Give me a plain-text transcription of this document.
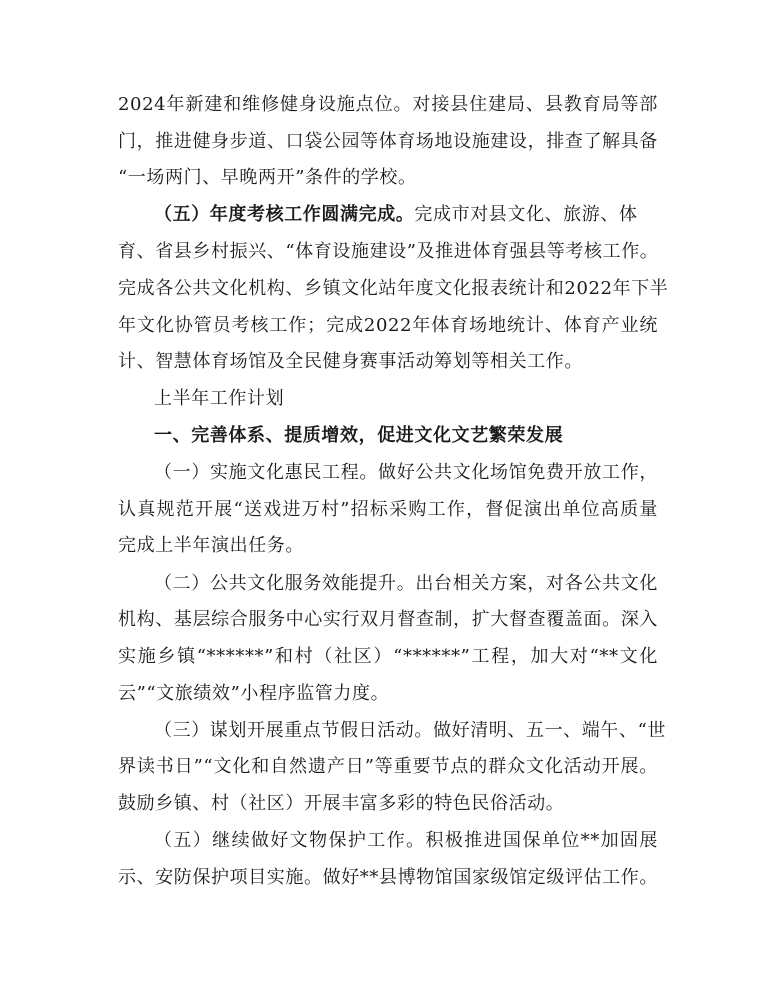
2024年新建和维修健身设施点位。对接县住建局、县教育局等部
门，推进健身步道、口袋公园等体育场地设施建设，排查了解具备
“一场两门、早晚两开”条件的学校。
（五）年度考核工作圆满完成。完成市对县文化、旅游、体
育、省县乡村振兴、“体育设施建设”及推进体育强县等考核工作。
完成各公共文化机构、乡镇文化站年度文化报表统计和2022年下半
年文化协管员考核工作；完成2022年体育场地统计、体育产业统
计、智慧体育场馆及全民健身赛事活动筹划等相关工作。
上半年工作计划
一、完善体系、提质增效，促进文化文艺繁荣发展
（一）实施文化惠民工程。做好公共文化场馆免费开放工作，
认真规范开展“送戏进万村”招标采购工作，督促演出单位高质量
完成上半年演出任务。
（二）公共文化服务效能提升。出台相关方案，对各公共文化
机构、基层综合服务中心实行双月督查制，扩大督查覆盖面。深入
实施乡镇“******”和村（社区）“******”工程，加大对“**文化
云”“文旅绩效”小程序监管力度。
（三）谋划开展重点节假日活动。做好清明、五一、端午、“世
界读书日”“文化和自然遗产日”等重要节点的群众文化活动开展。
鼓励乡镇、村（社区）开展丰富多彩的特色民俗活动。
（五）继续做好文物保护工作。积极推进国保单位**加固展
示、安防保护项目实施。做好**县博物馆国家级馆定级评估工作。
